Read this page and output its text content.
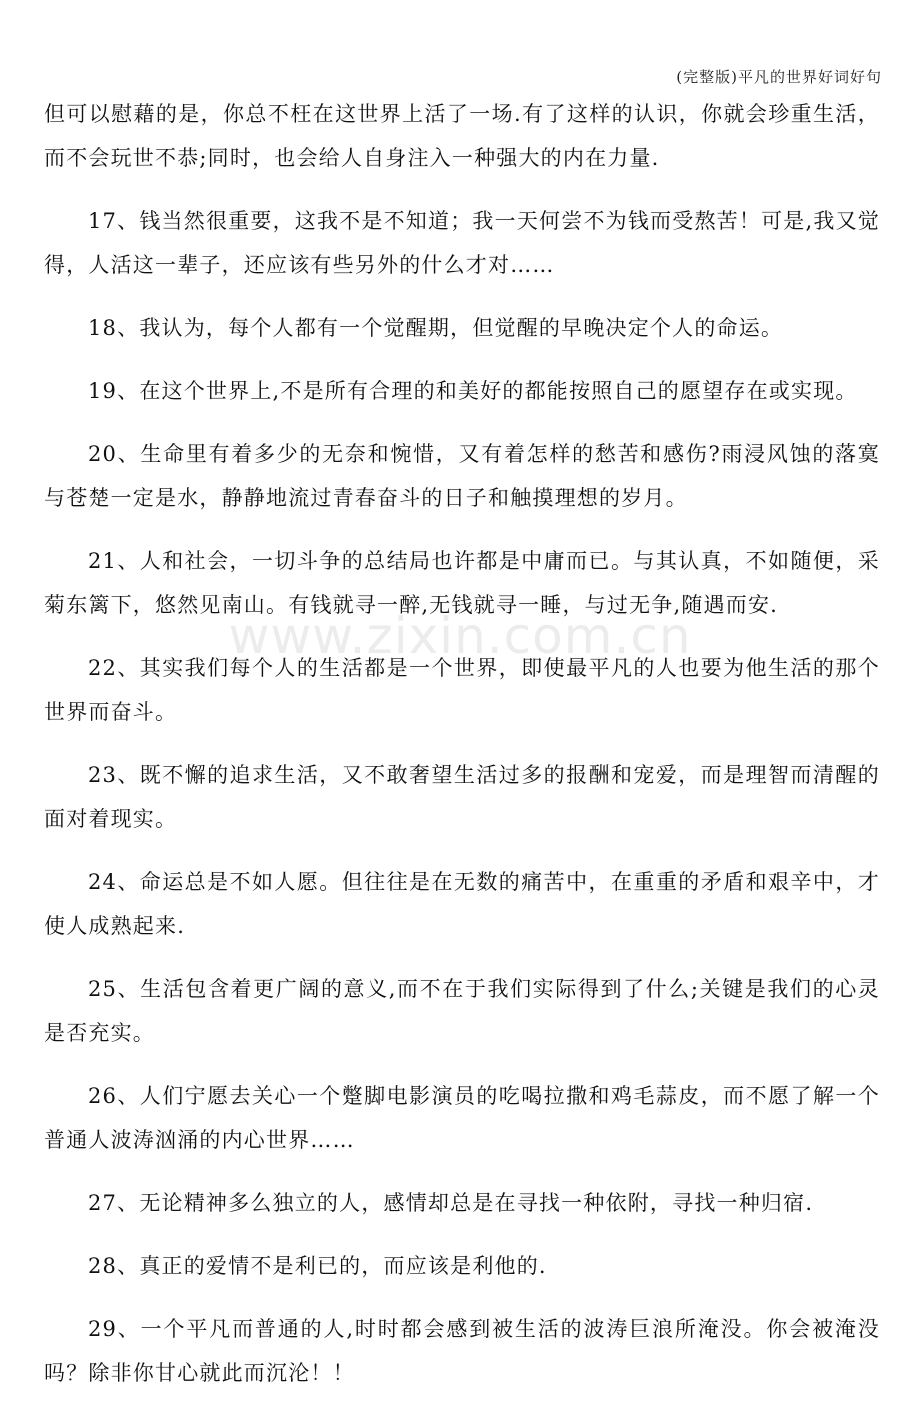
(完整版)平凡的世界好词好句

但可以慰藉的是，你总不枉在这世界上活了一场.有了这样的认识，你就会珍重生活，而不会玩世不恭;同时，也会给人自身注入一种强大的内在力量.

17、钱当然很重要，这我不是不知道；我一天何尝不为钱而受熬苦！可是,我又觉得，人活这一辈子，还应该有些另外的什么才对……

18、我认为，每个人都有一个觉醒期，但觉醒的早晚决定个人的命运。

19、在这个世界上,不是所有合理的和美好的都能按照自己的愿望存在或实现。

20、生命里有着多少的无奈和惋惜，又有着怎样的愁苦和感伤?雨浸风蚀的落寞与苍楚一定是水，静静地流过青春奋斗的日子和触摸理想的岁月。

21、人和社会，一切斗争的总结局也许都是中庸而已。与其认真，不如随便，采菊东篱下，悠然见南山。有钱就寻一醉,无钱就寻一睡，与过无争,随遇而安.

22、其实我们每个人的生活都是一个世界，即使最平凡的人也要为他生活的那个世界而奋斗。

23、既不懈的追求生活，又不敢奢望生活过多的报酬和宠爱，而是理智而清醒的面对着现实。

24、命运总是不如人愿。但往往是在无数的痛苦中，在重重的矛盾和艰辛中，才使人成熟起来.

25、生活包含着更广阔的意义,而不在于我们实际得到了什么;关键是我们的心灵是否充实。

26、人们宁愿去关心一个蹩脚电影演员的吃喝拉撒和鸡毛蒜皮，而不愿了解一个普通人波涛汹涌的内心世界……

27、无论精神多么独立的人，感情却总是在寻找一种依附，寻找一种归宿.

28、真正的爱情不是利已的，而应该是利他的.

29、一个平凡而普通的人,时时都会感到被生活的波涛巨浪所淹没。你会被淹没吗？除非你甘心就此而沉沦！！

www.zixin.com.cn
